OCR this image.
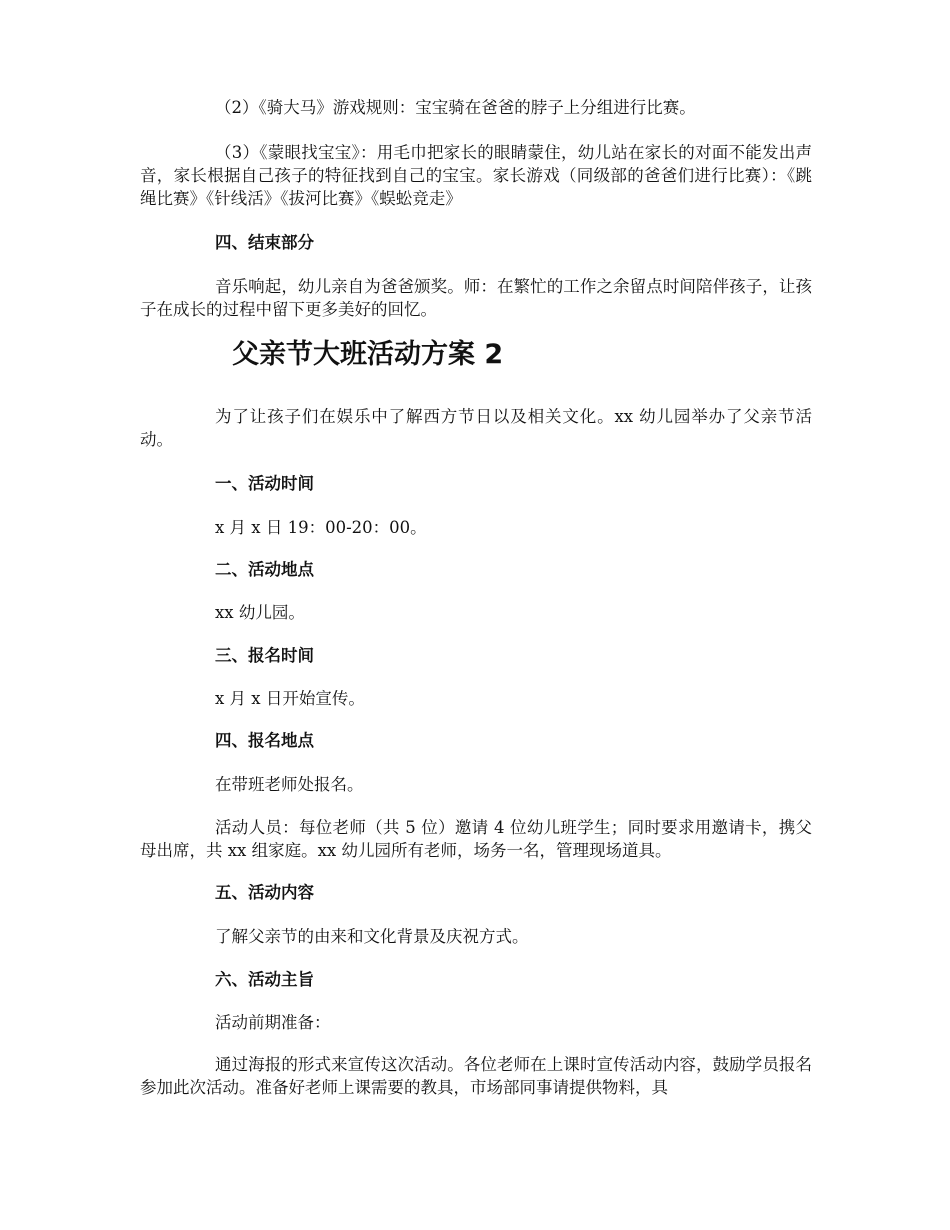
（2）《骑大马》游戏规则：宝宝骑在爸爸的脖子上分组进行比赛。

（3）《蒙眼找宝宝》：用毛巾把家长的眼睛蒙住，幼儿站在家长的对面不能发出声音，家长根据自己孩子的特征找到自己的宝宝。家长游戏（同级部的爸爸们进行比赛）：《跳绳比赛》《针线活》《拔河比赛》《蜈蚣竞走》

四、结束部分

音乐响起，幼儿亲自为爸爸颁奖。师：在繁忙的工作之余留点时间陪伴孩子，让孩子在成长的过程中留下更多美好的回忆。

父亲节大班活动方案 2

为了让孩子们在娱乐中了解西方节日以及相关文化。xx 幼儿园举办了父亲节活动。

一、活动时间

x 月 x 日 19：00-20：00。

二、活动地点

xx 幼儿园。

三、报名时间

x 月 x 日开始宣传。

四、报名地点

在带班老师处报名。

活动人员：每位老师（共 5 位）邀请 4 位幼儿班学生；同时要求用邀请卡，携父母出席，共 xx 组家庭。xx 幼儿园所有老师，场务一名，管理现场道具。

五、活动内容

了解父亲节的由来和文化背景及庆祝方式。

六、活动主旨

活动前期准备：

通过海报的形式来宣传这次活动。各位老师在上课时宣传活动内容，鼓励学员报名参加此次活动。准备好老师上课需要的教具，市场部同事请提供物料，具
